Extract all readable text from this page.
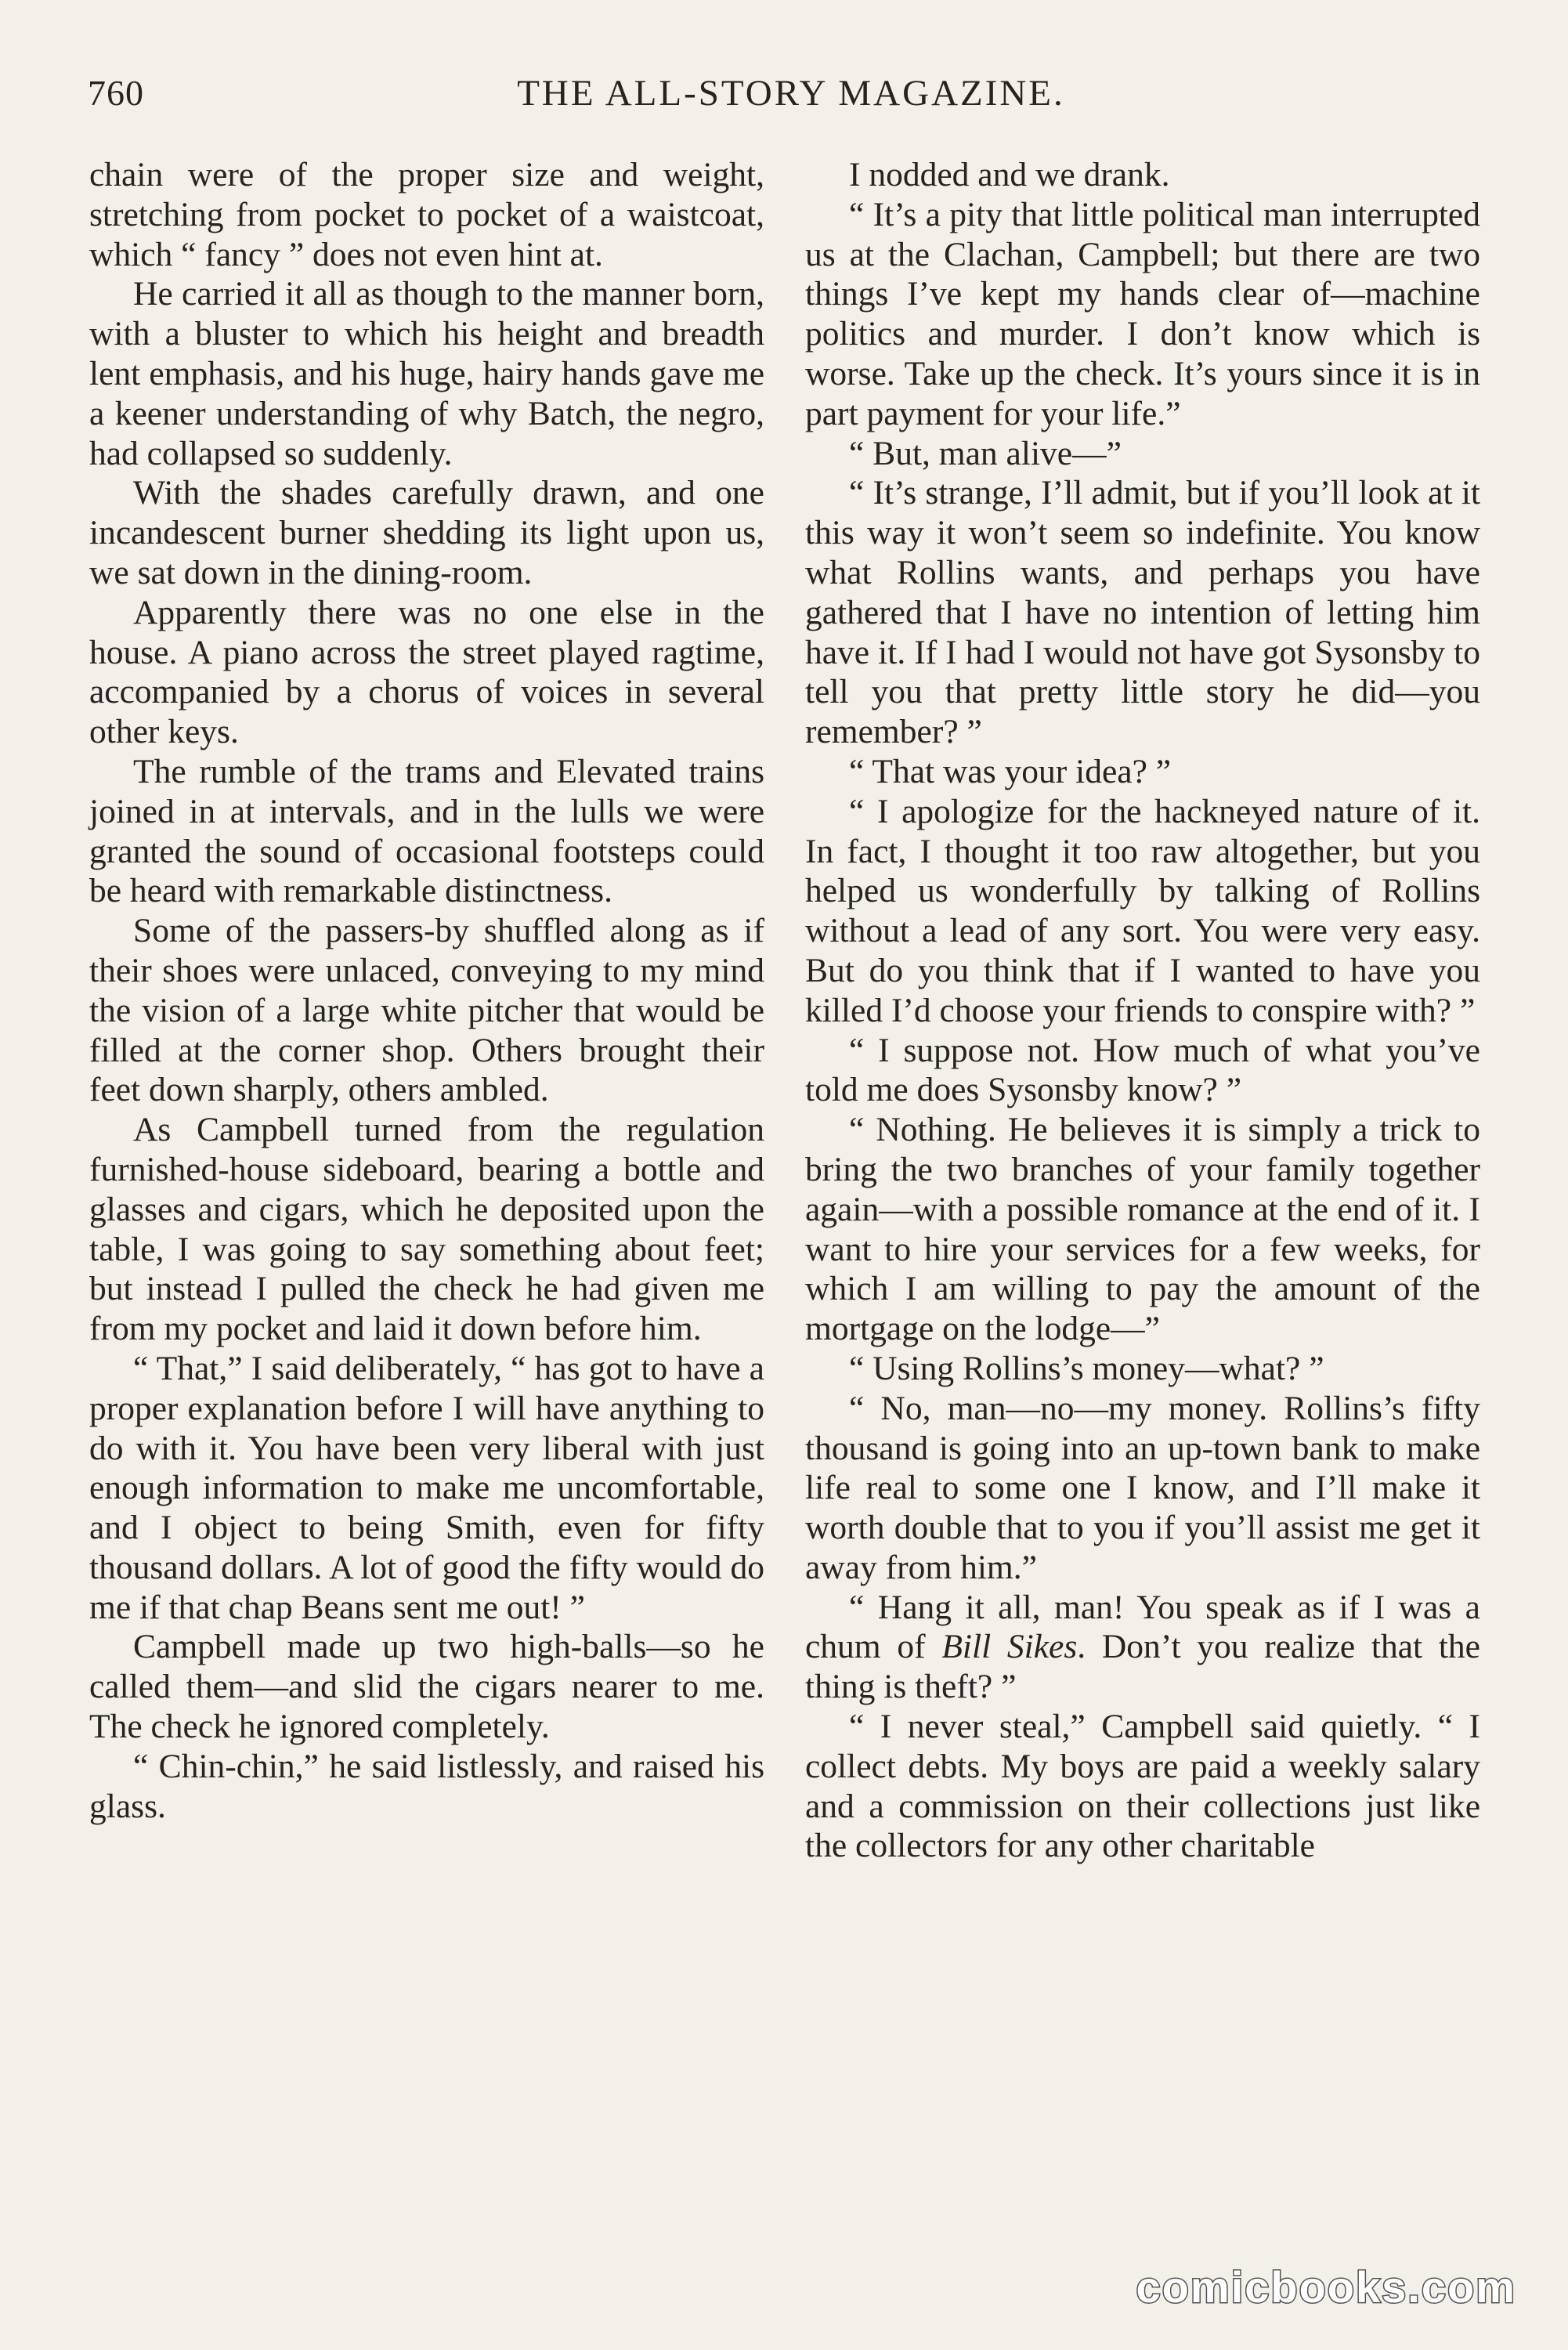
760	THE ALL-STORY MAGAZINE.

chain were of the proper size and weight, stretching from pocket to pocket of a waistcoat, which “ fancy ” does not even hint at.

He carried it all as though to the manner born, with a bluster to which his height and breadth lent emphasis, and his huge, hairy hands gave me a keener understanding of why Batch, the negro, had collapsed so suddenly.

With the shades carefully drawn, and one incandescent burner shedding its light upon us, we sat down in the dining-room.

Apparently there was no one else in the house. A piano across the street played ragtime, accompanied by a chorus of voices in several other keys.

The rumble of the trams and Elevated trains joined in at intervals, and in the lulls we were granted the sound of occasional footsteps could be heard with remarkable distinctness.

Some of the passers-by shuffled along as if their shoes were unlaced, conveying to my mind the vision of a large white pitcher that would be filled at the corner shop. Others brought their feet down sharply, others ambled.

As Campbell turned from the regulation furnished-house sideboard, bearing a bottle and glasses and cigars, which he deposited upon the table, I was going to say something about feet; but instead I pulled the check he had given me from my pocket and laid it down before him.

“ That,” I said deliberately, “ has got to have a proper explanation before I will have anything to do with it. You have been very liberal with just enough information to make me uncomfortable, and I object to being Smith, even for fifty thousand dollars. A lot of good the fifty would do me if that chap Beans sent me out! ”

Campbell made up two high-balls—so he called them—and slid the cigars nearer to me. The check he ignored completely.

“ Chin-chin,” he said listlessly, and raised his glass.

I nodded and we drank.

“ It’s a pity that little political man interrupted us at the Clachan, Campbell; but there are two things I’ve kept my hands clear of—machine politics and murder. I don’t know which is worse. Take up the check. It’s yours since it is in part payment for your life.”

“ But, man alive—”

“ It’s strange, I’ll admit, but if you’ll look at it this way it won’t seem so indefinite. You know what Rollins wants, and perhaps you have gathered that I have no intention of letting him have it. If I had I would not have got Sysonsby to tell you that pretty little story he did—you remember? ”

“ That was your idea? ”

“ I apologize for the hackneyed nature of it. In fact, I thought it too raw altogether, but you helped us wonderfully by talking of Rollins without a lead of any sort. You were very easy. But do you think that if I wanted to have you killed I’d choose your friends to conspire with? ”

“ I suppose not. How much of what you’ve told me does Sysonsby know? ”

“ Nothing. He believes it is simply a trick to bring the two branches of your family together again—with a possible romance at the end of it. I want to hire your services for a few weeks, for which I am willing to pay the amount of the mortgage on the lodge—”

“ Using Rollins’s money—what? ”

“ No, man—no—my money. Rollins’s fifty thousand is going into an up-town bank to make life real to some one I know, and I’ll make it worth double that to you if you’ll assist me get it away from him.”

“ Hang it all, man! You speak as if I was a chum of Bill Sikes. Don’t you realize that the thing is theft? ”

“ I never steal,” Campbell said quietly. “ I collect debts. My boys are paid a weekly salary and a commission on their collections just like the collectors for any other charitable

comicbooks.com
